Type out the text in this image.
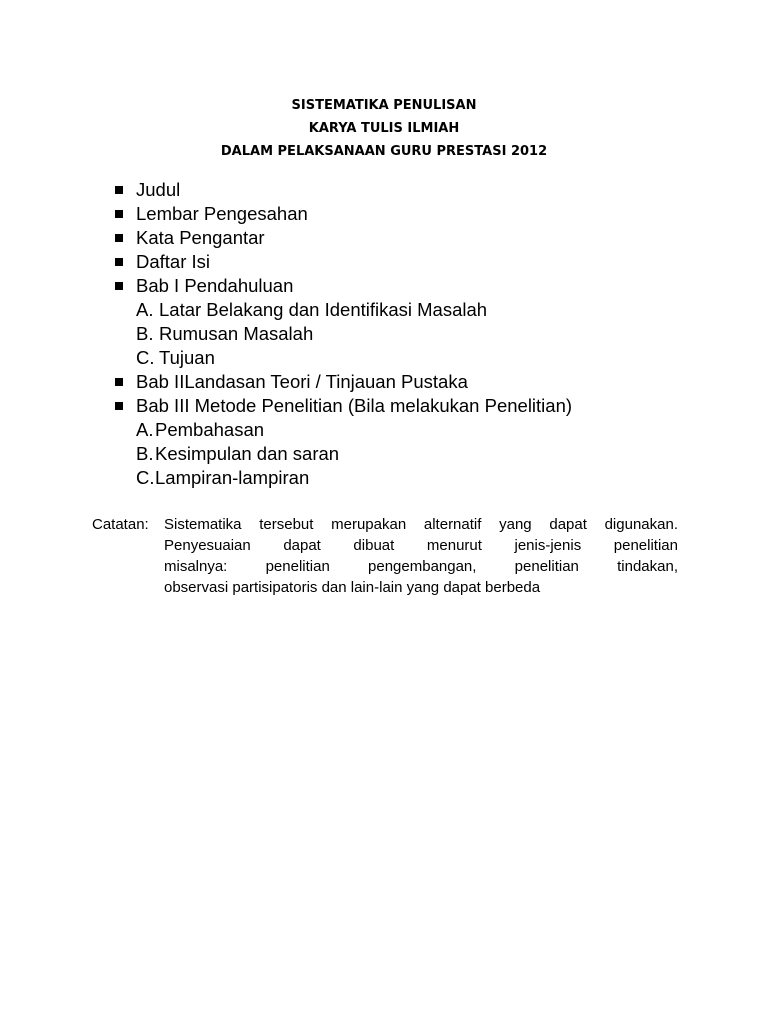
SISTEMATIKA PENULISAN
KARYA TULIS ILMIAH
DALAM PELAKSANAAN GURU PRESTASI 2012
Judul
Lembar Pengesahan
Kata Pengantar
Daftar Isi
Bab I Pendahuluan
A. Latar Belakang dan Identifikasi Masalah
B. Rumusan Masalah
C. Tujuan
Bab IILandasan Teori / Tinjauan Pustaka
Bab III Metode Penelitian (Bila melakukan Penelitian)
A. Pembahasan
B. Kesimpulan dan saran
C. Lampiran-lampiran
Catatan: Sistematika tersebut merupakan alternatif yang dapat digunakan.
Penyesuaian dapat dibuat menurut jenis-jenis penelitian
misalnya: penelitian pengembangan, penelitian tindakan,
observasi partisipatoris dan lain-lain yang dapat berbeda
